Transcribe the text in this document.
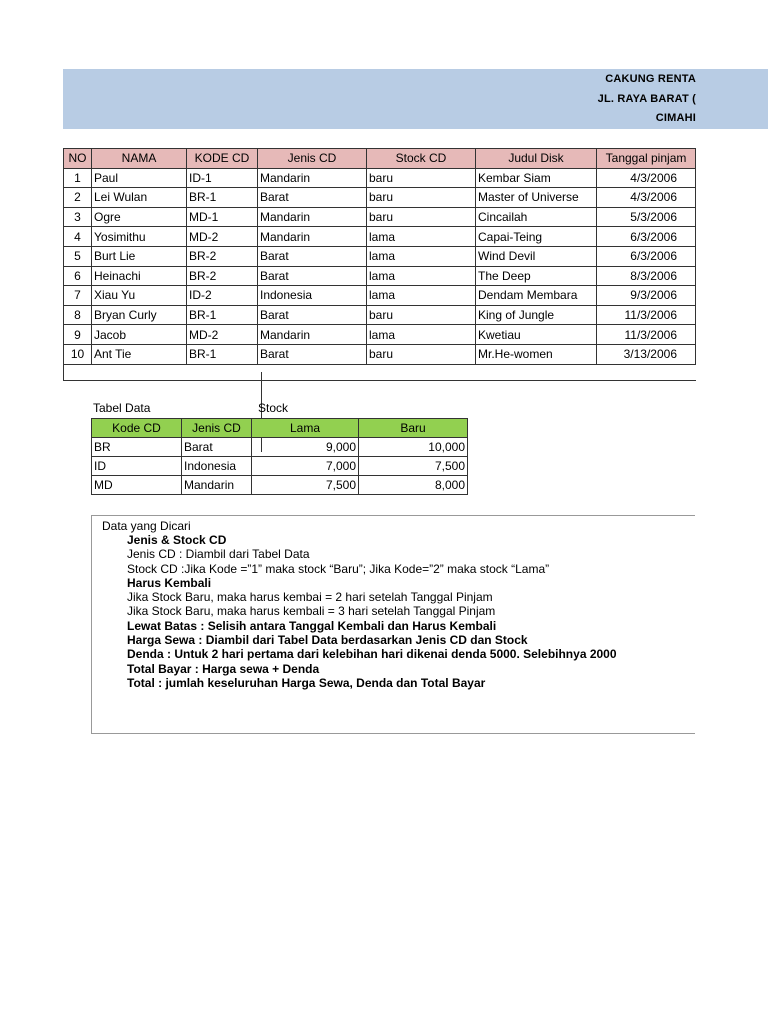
CAKUNG RENTA
JL. RAYA BARAT (
CIMAHI
NO	NAMA	KODE CD	Jenis CD	Stock CD	Judul Disk	Tanggal pinjam
1	Paul	ID-1	Mandarin	baru	Kembar Siam	4/3/2006
2	Lei Wulan	BR-1	Barat	baru	Master of Universe	4/3/2006
3	Ogre	MD-1	Mandarin	baru	Cincailah	5/3/2006
4	Yosimithu	MD-2	Mandarin	lama	Capai-Teing	6/3/2006
5	Burt Lie	BR-2	Barat	lama	Wind Devil	6/3/2006
6	Heinachi	BR-2	Barat	lama	The Deep	8/3/2006
7	Xiau Yu	ID-2	Indonesia	lama	Dendam Membara	9/3/2006
8	Bryan Curly	BR-1	Barat	baru	King of Jungle	11/3/2006
9	Jacob	MD-2	Mandarin	lama	Kwetiau	11/3/2006
10	Ant Tie	BR-1	Barat	baru	Mr.He-women	3/13/2006
Tabel Data	Stock
Kode CD	Jenis CD	Lama	Baru
BR	Barat	9,000	10,000
ID	Indonesia	7,000	7,500
MD	Mandarin	7,500	8,000
Data yang Dicari
Jenis & Stock CD
Jenis CD : Diambil dari Tabel Data
Stock CD :Jika Kode =”1” maka stock “Baru”; Jika Kode=”2” maka stock “Lama”
Harus Kembali
Jika Stock Baru, maka harus kembai = 2 hari setelah Tanggal Pinjam
Jika Stock Baru, maka harus kembali = 3 hari setelah Tanggal Pinjam
Lewat Batas : Selisih antara Tanggal Kembali dan Harus Kembali
Harga Sewa : Diambil dari Tabel Data berdasarkan Jenis CD dan Stock
Denda : Untuk 2 hari pertama dari kelebihan hari dikenai denda 5000. Selebihnya 2000
Total Bayar : Harga sewa + Denda
Total : jumlah keseluruhan Harga Sewa, Denda dan Total Bayar
